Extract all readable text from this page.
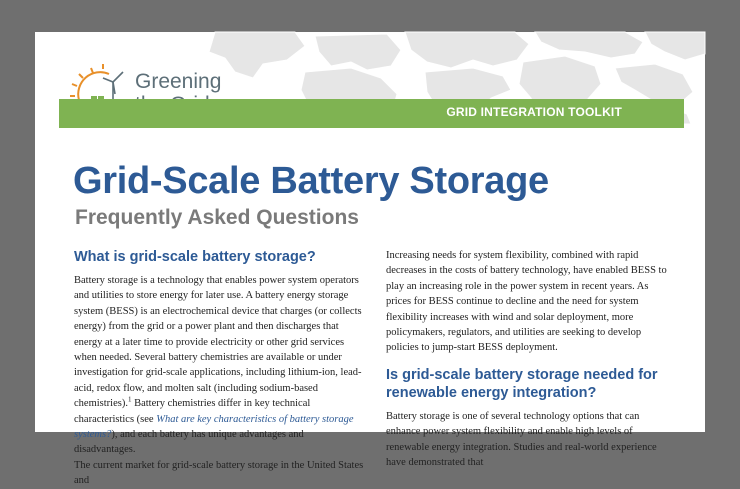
Greening
GRID INTEGRATION TOOLKIT
Grid-Scale Battery Storage
Frequently Asked Questions
What is grid-scale battery storage?

Battery storage is a technology that enables power system operators and utilities to store energy for later use. A battery energy storage system (BESS) is an electrochemical device that charges (or collects energy) from the grid or a power plant and then discharges that energy at a later time to provide electricity or other grid services when needed. Several battery chemistries are available or under investigation for grid-scale applications, including lithium-ion, lead-acid, redox flow, and molten salt (including sodium-based chemistries).$^1$ Battery chemistries differ in key technical characteristics (see What are key characteristics of battery storage systems?), and each battery has unique advantages and disadvantages.

The current market for grid-scale battery storage in the United States and

Increasing needs for system flexibility, combined with rapid decreases in the costs of battery technology, have enabled BESS to play an increasing role in the power system in recent years. As prices for BESS continue to decline and the need for system flexibility increases with wind and solar deployment, more policymakers, regulators, and utilities are seeking to develop policies to jump-start BESS deployment.

Is grid-scale battery storage needed for renewable energy integration?

Battery storage is one of several technology options that can enhance power system flexibility and enable high levels of renewable energy integration. Studies and real-world experience have demonstrated that
